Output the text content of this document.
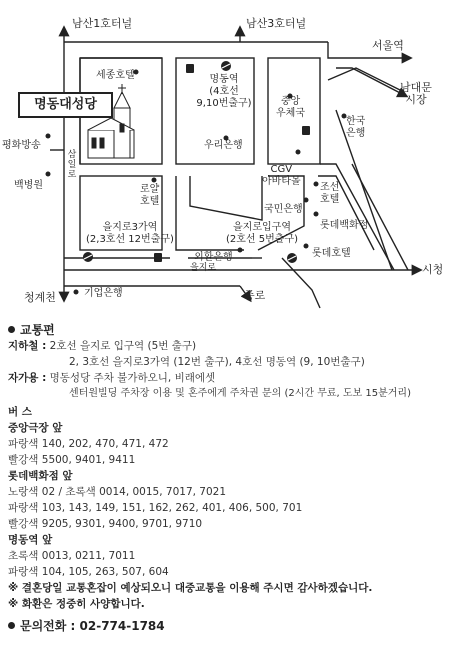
명동대성당
남산1호터널	남산3호터널
서울역
남대문
시장
세종호텔	명동역
(4호선
9,10번출구)	중앙
우체국
한국
은행
평화방송
백병원
삼일로
우리은행
CGV
아바타몰
로얄
호텔
조선
호텔
국민은행
롯데백화점
을지로3가역
(2,3호선 12번출구)
을지로입구역
(2호선 5번출구)
롯데호텔
외환은행
을지로	시청
청계천	기업은행	종로
교통편
지하철 : 2호선 을지로 입구역 (5번 출구)
2, 3호선 을지로3가역 (12번 출구), 4호선 명동역 (9, 10번출구)
자가용 : 명동성당 주차 불가하오니, 비래에셋
센터원빌딩 주차장 이용 및 혼주에게 주차권 문의 (2시간 무료, 도보 15분거리)
버 스
중앙극장 앞
파랑색 140, 202, 470, 471, 472
빨강색 5500, 9401, 9411
롯데백화점 앞
노랑색 02 / 초록색 0014, 0015, 7017, 7021
파랑색 103, 143, 149, 151, 162, 262, 401, 406, 500, 701
빨강색 9205, 9301, 9400, 9701, 9710
명동역 앞
초록색 0013, 0211, 7011
파랑색 104, 105, 263, 507, 604
※ 결혼당일 교통혼잡이 예상되오니 대중교통을 이용해 주시면 감사하겠습니다.
※ 화환은 정중히 사양합니다.
문의전화 : 02-774-1784
